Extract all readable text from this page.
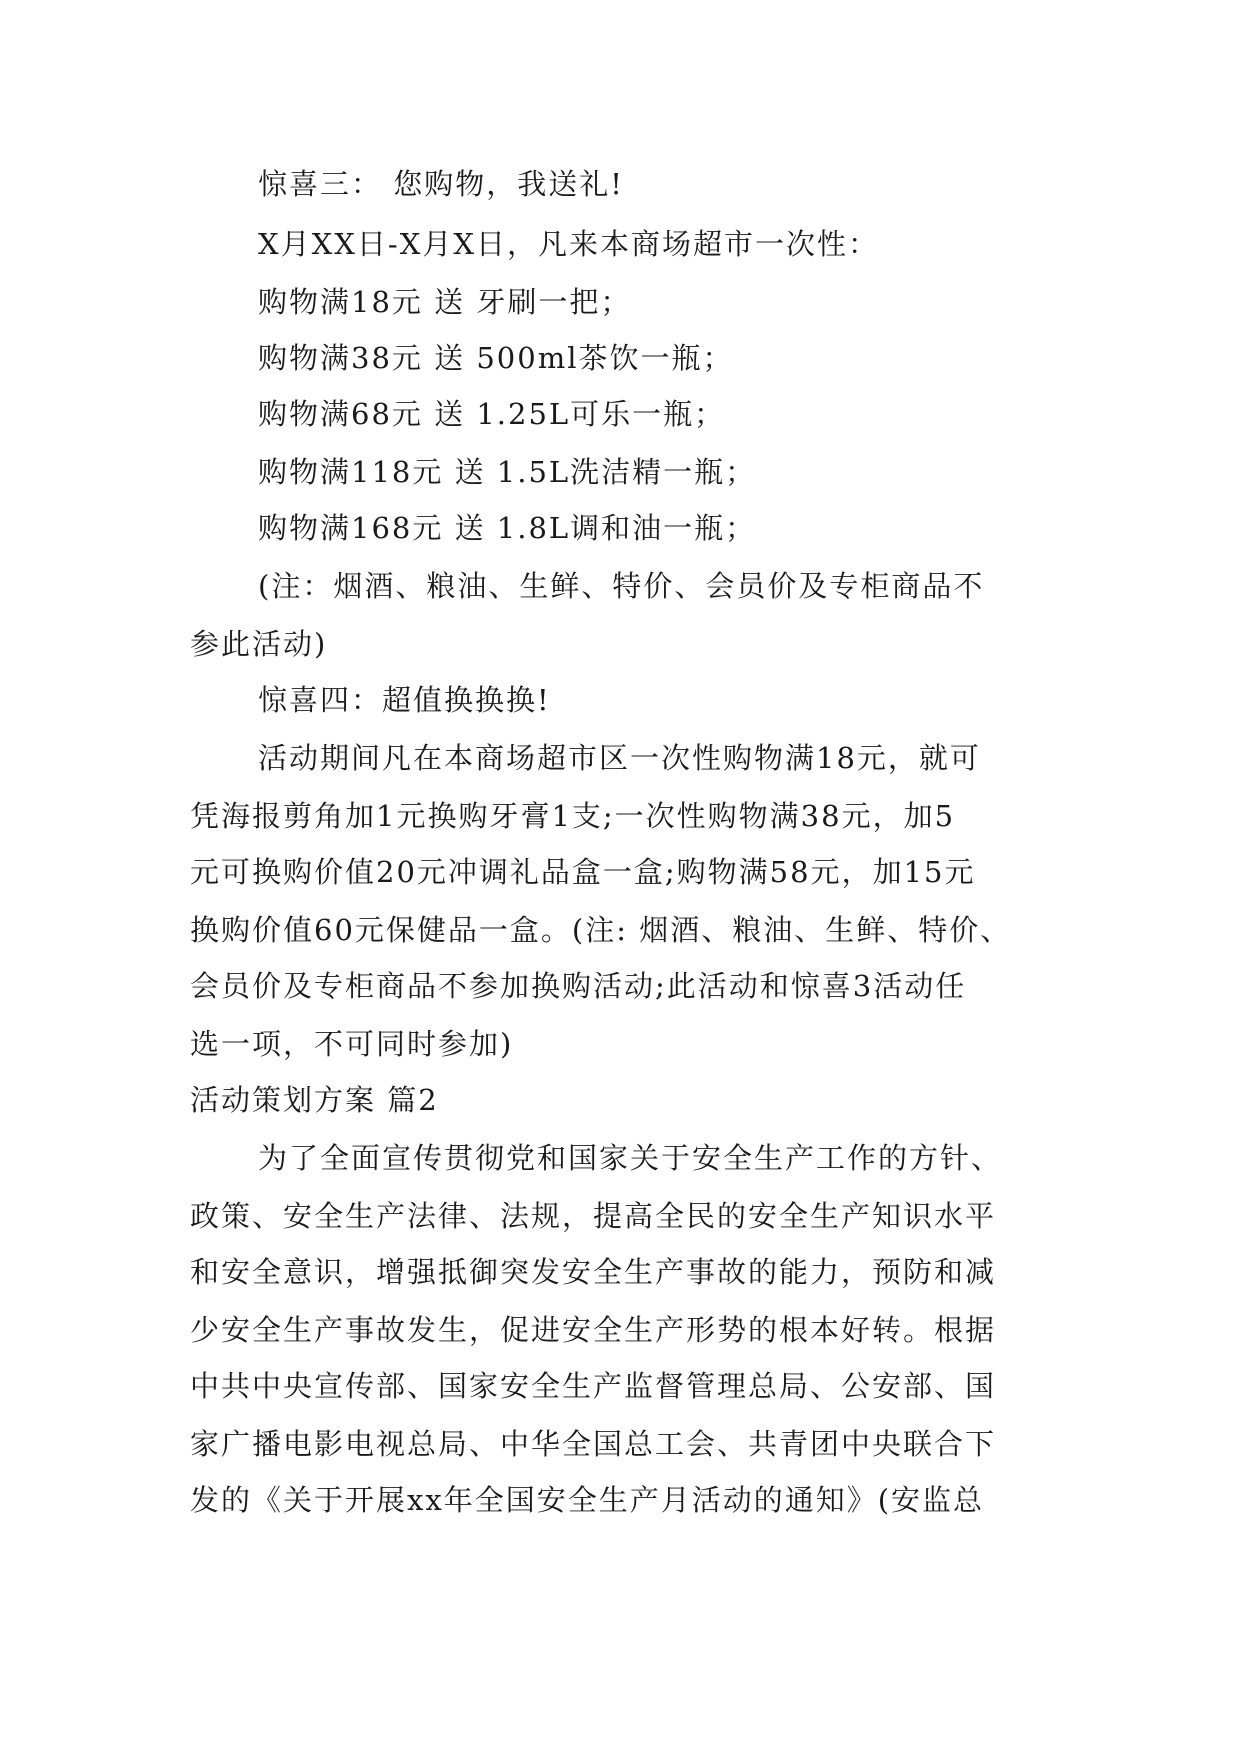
惊喜三： 您购物，我送礼!

X月XX日-X月X日，凡来本商场超市一次性：

购物满18元 送 牙刷一把；

购物满38元 送 500ml茶饮一瓶；

购物满68元 送 1.25L可乐一瓶；

购物满118元 送 1.5L洗洁精一瓶；

购物满168元 送 1.8L调和油一瓶；

(注：烟酒、粮油、生鲜、特价、会员价及专柜商品不

参此活动)

惊喜四：超值换换换!

活动期间凡在本商场超市区一次性购物满18元，就可

凭海报剪角加1元换购牙膏1支;一次性购物满38元，加5

元可换购价值20元冲调礼品盒一盒;购物满58元，加15元

换购价值60元保健品一盒。(注: 烟酒、粮油、生鲜、特价、

会员价及专柜商品不参加换购活动;此活动和惊喜3活动任

选一项，不可同时参加)

活动策划方案 篇2

为了全面宣传贯彻党和国家关于安全生产工作的方针、

政策、安全生产法律、法规，提高全民的安全生产知识水平

和安全意识，增强抵御突发安全生产事故的能力，预防和减

少安全生产事故发生，促进安全生产形势的根本好转。根据

中共中央宣传部、国家安全生产监督管理总局、公安部、国

家广播电影电视总局、中华全国总工会、共青团中央联合下

发的《关于开展xx年全国安全生产月活动的通知》(安监总
